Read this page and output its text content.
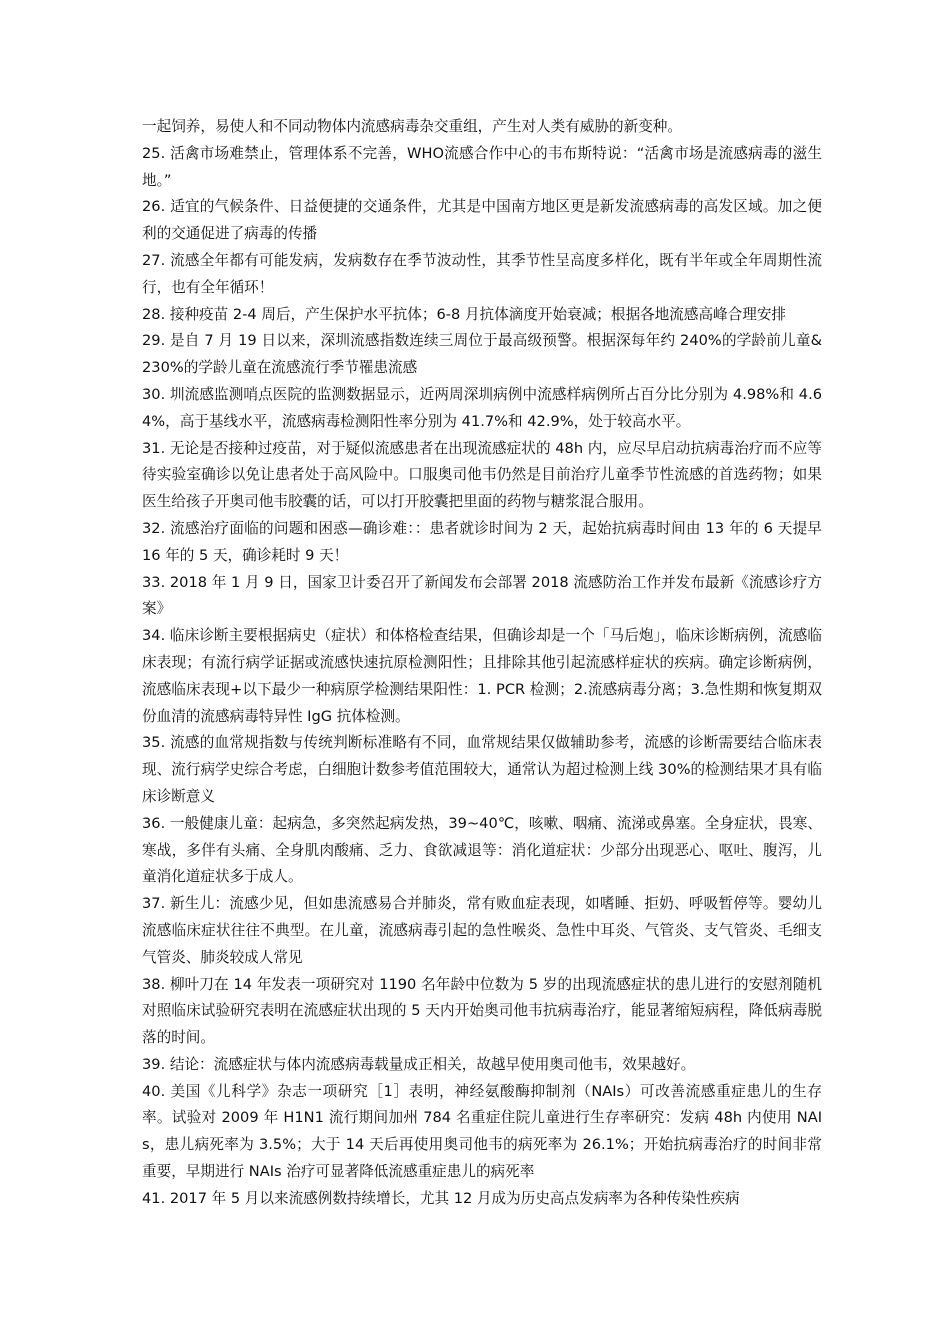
一起饲养，易使人和不同动物体内流感病毒杂交重组，产生对人类有威胁的新变种。

25. 活禽市场难禁止，管理体系不完善，WHO流感合作中心的韦布斯特说：“活禽市场是流感病毒的滋生地。”

26. 适宜的气候条件、日益便捷的交通条件，尤其是中国南方地区更是新发流感病毒的高发区域。加之便利的交通促进了病毒的传播

27. 流感全年都有可能发病，发病数存在季节波动性，其季节性呈高度多样化，既有半年或全年周期性流行，也有全年循环！

28. 接种疫苗 2-4 周后，产生保护水平抗体；6-8 月抗体滴度开始衰减；根据各地流感高峰合理安排

29. 是自 7 月 19 日以来，深圳流感指数连续三周位于最高级预警。根据深每年约 240%的学龄前儿童&230%的学龄儿童在流感流行季节罹患流感

30. 圳流感监测哨点医院的监测数据显示，近两周深圳病例中流感样病例所占百分比分别为 4.98%和 4.64%，高于基线水平，流感病毒检测阳性率分别为 41.7%和 42.9%，处于较高水平。

31. 无论是否接种过疫苗，对于疑似流感患者在出现流感症状的 48h 内，应尽早启动抗病毒治疗而不应等待实验室确诊以免让患者处于高风险中。口服奥司他韦仍然是目前治疗儿童季节性流感的首选药物；如果医生给孩子开奥司他韦胶囊的话，可以打开胶囊把里面的药物与糖浆混合服用。

32. 流感治疗面临的问题和困惑—确诊难：：患者就诊时间为 2 天，起始抗病毒时间由 13 年的 6 天提早 16 年的 5 天，确诊耗时 9 天！

33. 2018 年 1 月 9 日，国家卫计委召开了新闻发布会部署 2018 流感防治工作并发布最新《流感诊疗方案》

34. 临床诊断主要根据病史（症状）和体格检查结果，但确诊却是一个「马后炮」，临床诊断病例，流感临床表现；有流行病学证据或流感快速抗原检测阳性；且排除其他引起流感样症状的疾病。确定诊断病例，流感临床表现+以下最少一种病原学检测结果阳性：1. PCR 检测；2.流感病毒分离；3.急性期和恢复期双份血清的流感病毒特异性 IgG 抗体检测。

35. 流感的血常规指数与传统判断标准略有不同，血常规结果仅做辅助参考，流感的诊断需要结合临床表现、流行病学史综合考虑，白细胞计数参考值范围较大，通常认为超过检测上线 30%的检测结果才具有临床诊断意义

36. 一般健康儿童：起病急，多突然起病发热，39~40℃，咳嗽、咽痛、流涕或鼻塞。全身症状，畏寒、寒战，多伴有头痛、全身肌肉酸痛、乏力、食欲减退等：消化道症状：少部分出现恶心、呕吐、腹泻，儿童消化道症状多于成人。

37. 新生儿：流感少见，但如患流感易合并肺炎，常有败血症表现，如嗜睡、拒奶、呼吸暂停等。婴幼儿流感临床症状往往不典型。在儿童，流感病毒引起的急性喉炎、急性中耳炎、气管炎、支气管炎、毛细支气管炎、肺炎较成人常见

38. 柳叶刀在 14 年发表一项研究对 1190 名年龄中位数为 5 岁的出现流感症状的患儿进行的安慰剂随机对照临床试验研究表明在流感症状出现的 5 天内开始奥司他韦抗病毒治疗，能显著缩短病程，降低病毒脱落的时间。

39. 结论：流感症状与体内流感病毒载量成正相关，故越早使用奥司他韦，效果越好。

40. 美国《儿科学》杂志一项研究［1］表明，神经氨酸酶抑制剂（NAIs）可改善流感重症患儿的生存率。试验对 2009 年 H1N1 流行期间加州 784 名重症住院儿童进行生存率研究：发病 48h 内使用 NAIs，患儿病死率为 3.5%；大于 14 天后再使用奥司他韦的病死率为 26.1%；开始抗病毒治疗的时间非常重要，早期进行 NAIs 治疗可显著降低流感重症患儿的病死率

41. 2017 年 5 月以来流感例数持续增长，尤其 12 月成为历史高点发病率为各种传染性疾病
